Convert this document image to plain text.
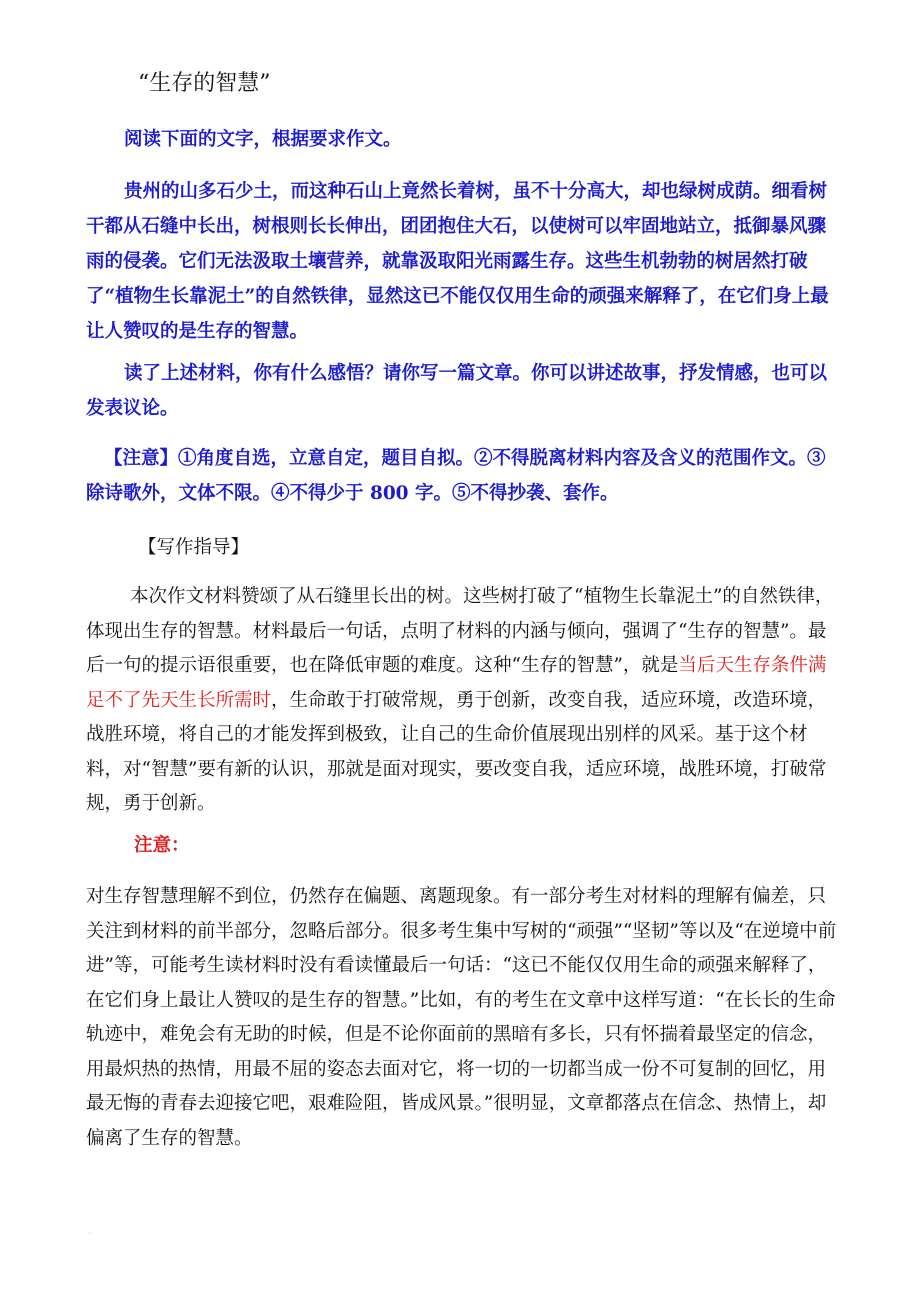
“生存的智慧”

阅读下面的文字，根据要求作文。

贵州的山多石少土，而这种石山上竟然长着树，虽不十分高大，却也绿树成荫。细看树干都从石缝中长出，树根则长长伸出，团团抱住大石，以使树可以牢固地站立，抵御暴风骤雨的侵袭。它们无法汲取土壤营养，就靠汲取阳光雨露生存。这些生机勃勃的树居然打破了“植物生长靠泥土”的自然铁律，显然这已不能仅仅用生命的顽强来解释了，在它们身上最让人赞叹的是生存的智慧。

读了上述材料，你有什么感悟？请你写一篇文章。你可以讲述故事，抒发情感，也可以发表议论。

【注意】①角度自选，立意自定，题目自拟。②不得脱离材料内容及含义的范围作文。③除诗歌外，文体不限。④不得少于 800 字。⑤不得抄袭、套作。

【写作指导】

本次作文材料赞颂了从石缝里长出的树。这些树打破了“植物生长靠泥土”的自然铁律，体现出生存的智慧。材料最后一句话，点明了材料的内涵与倾向，强调了“生存的智慧”。最后一句的提示语很重要，也在降低审题的难度。这种“生存的智慧”，就是当后天生存条件满足不了先天生长所需时，生命敢于打破常规，勇于创新，改变自我，适应环境，改造环境，战胜环境，将自己的才能发挥到极致，让自己的生命价值展现出别样的风采。基于这个材料，对“智慧”要有新的认识，那就是面对现实，要改变自我，适应环境，战胜环境，打破常规，勇于创新。

注意：

对生存智慧理解不到位，仍然存在偏题、离题现象。有一部分考生对材料的理解有偏差，只关注到材料的前半部分，忽略后部分。很多考生集中写树的“顽强”“坚韧”等以及“在逆境中前进”等，可能考生读材料时没有看读懂最后一句话：“这已不能仅仅用生命的顽强来解释了，在它们身上最让人赞叹的是生存的智慧。”比如，有的考生在文章中这样写道：“在长长的生命轨迹中，难免会有无助的时候，但是不论你面前的黑暗有多长，只有怀揣着最坚定的信念，用最炽热的热情，用最不屈的姿态去面对它，将一切的一切都当成一份不可复制的回忆，用最无悔的青春去迎接它吧，艰难险阻，皆成风景。”很明显，文章都落点在信念、热情上，却偏离了生存的智慧。

.
